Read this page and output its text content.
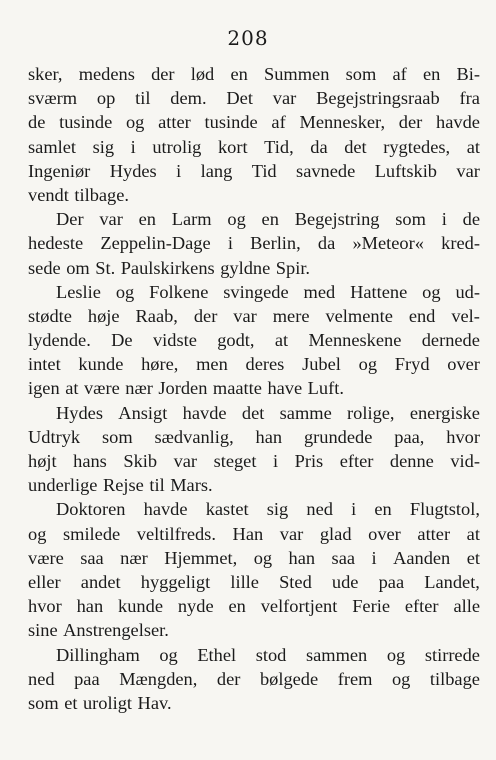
208
sker, medens der lød en Summen som af en Bi-
sværm op til dem. Det var Begejstringsraab fra
de tusinde og atter tusinde af Mennesker, der havde
samlet sig i utrolig kort Tid, da det rygtedes, at
Ingeniør Hydes i lang Tid savnede Luftskib var
vendt tilbage.
Der var en Larm og en Begejstring som i de
hedeste Zeppelin-Dage i Berlin, da »Meteor« kred-
sede om St. Paulskirkens gyldne Spir.
Leslie og Folkene svingede med Hattene og ud-
stødte høje Raab, der var mere velmente end vel-
lydende. De vidste godt, at Menneskene dernede
intet kunde høre, men deres Jubel og Fryd over
igen at være nær Jorden maatte have Luft.
Hydes Ansigt havde det samme rolige, energiske
Udtryk som sædvanlig, han grundede paa, hvor
højt hans Skib var steget i Pris efter denne vid-
underlige Rejse til Mars.
Doktoren havde kastet sig ned i en Flugtstol,
og smilede veltilfreds. Han var glad over atter at
være saa nær Hjemmet, og han saa i Aanden et
eller andet hyggeligt lille Sted ude paa Landet,
hvor han kunde nyde en velfortjent Ferie efter alle
sine Anstrengelser.
Dillingham og Ethel stod sammen og stirrede
ned paa Mængden, der bølgede frem og tilbage
som et uroligt Hav.
